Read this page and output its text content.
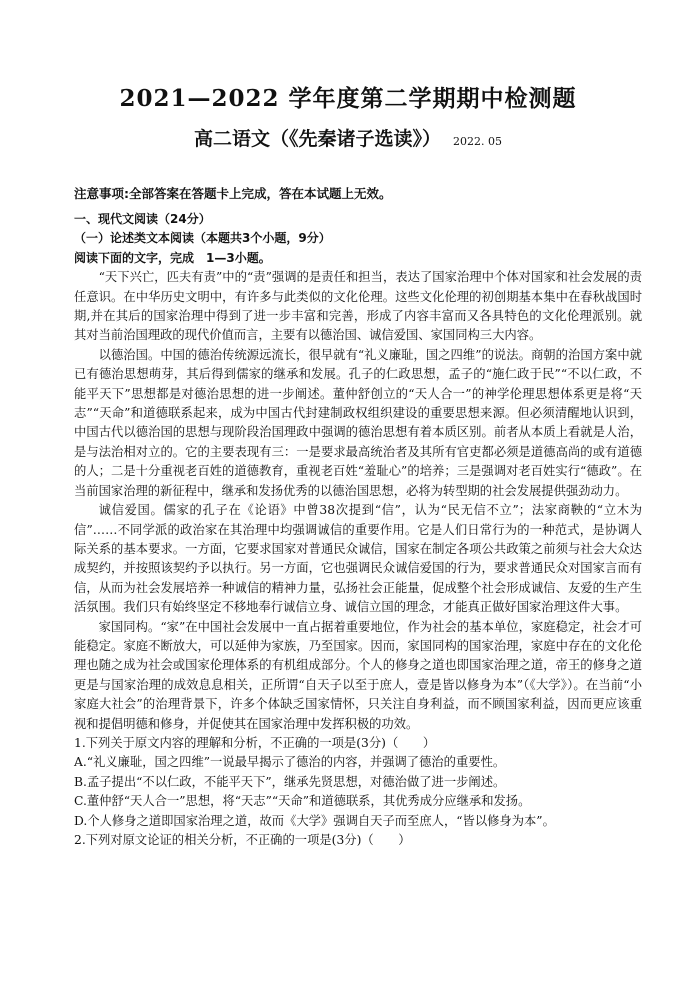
2021—2022 学年度第二学期期中检测题
高二语文（《先秦诸子选读》） 2022. 05
注意事项:全部答案在答题卡上完成，答在本试题上无效。

一、现代文阅读（24分）

（一）论述类文本阅读（本题共3个小题，9分）

阅读下面的文字，完成　1—3小题。

“天下兴亡，匹夫有责”中的“责”强调的是责任和担当，表达了国家治理中个体对国家和社会发展的责任意识。在中华历史文明中，有许多与此类似的文化伦理。这些文化伦理的初创期基本集中在春秋战国时期,并在其后的国家治理中得到了进一步丰富和完善，形成了内容丰富而又各具特色的文化伦理派别。就其对当前治国理政的现代价值而言，主要有以德治国、诚信爱国、家国同构三大内容。

以德治国。中国的德治传统源远流长，很早就有“礼义廉耻，国之四维”的说法。商朝的治国方案中就已有德治思想萌芽，其后得到儒家的继承和发展。孔子的仁政思想，孟子的“施仁政于民”“不以仁政，不能平天下”思想都是对德治思想的进一步阐述。董仲舒创立的“天人合一”的神学伦理思想体系更是将“天志”“天命”和道德联系起来，成为中国古代封建制政权组织建设的重要思想来源。但必须清醒地认识到，中国古代以德治国的思想与现阶段治国理政中强调的德治思想有着本质区别。前者从本质上看就是人治，是与法治相对立的。它的主要表现有三：一是要求最高统治者及其所有官吏都必须是道德高尚的或有道德的人；二是十分重视老百姓的道德教育，重视老百姓“羞耻心”的培养；三是强调对老百姓实行“德政”。在当前国家治理的新征程中，继承和发扬优秀的以德治国思想，必将为转型期的社会发展提供强劲动力。

诚信爱国。儒家的孔子在《论语》中曾38次提到“信”，认为“民无信不立”；法家商鞅的“立木为信”……不同学派的政治家在其治理中均强调诚信的重要作用。它是人们日常行为的一种范式，是协调人际关系的基本要求。一方面，它要求国家对普通民众诚信，国家在制定各项公共政策之前须与社会大众达成契约，并按照该契约予以执行。另一方面，它也强调民众诚信爱国的行为，要求普通民众对国家言而有信，从而为社会发展培养一种诚信的精神力量，弘扬社会正能量，促成整个社会形成诚信、友爱的生产生活氛围。我们只有始终坚定不移地奉行诚信立身、诚信立国的理念，才能真正做好国家治理这件大事。

家国同构。“家”在中国社会发展中一直占据着重要地位，作为社会的基本单位，家庭稳定，社会才可能稳定。家庭不断放大，可以延伸为家族，乃至国家。因而，家国同构的国家治理，家庭中存在的文化伦理也随之成为社会或国家伦理体系的有机组成部分。个人的修身之道也即国家治理之道，帝王的修身之道更是与国家治理的成效息息相关，正所谓“自天子以至于庶人，壹是皆以修身为本”（《大学》）。在当前“小家庭大社会”的治理背景下，许多个体缺乏国家情怀，只关注自身利益，而不顾国家利益，因而更应该重视和提倡明德和修身，并促使其在国家治理中发挥积极的功效。

1.下列关于原文内容的理解和分析，不正确的一项是(3分)（　　）

A.“礼义廉耻，国之四维”一说最早揭示了德治的内容，并强调了德治的重要性。

B.孟子提出“不以仁政，不能平天下”，继承先贤思想，对德治做了进一步阐述。

C.董仲舒“天人合一”思想，将“天志”“天命”和道德联系，其优秀成分应继承和发扬。

D.个人修身之道即国家治理之道，故而《大学》强调自天子而至庶人，“皆以修身为本”。

2.下列对原文论证的相关分析，不正确的一项是(3分)（　　）
